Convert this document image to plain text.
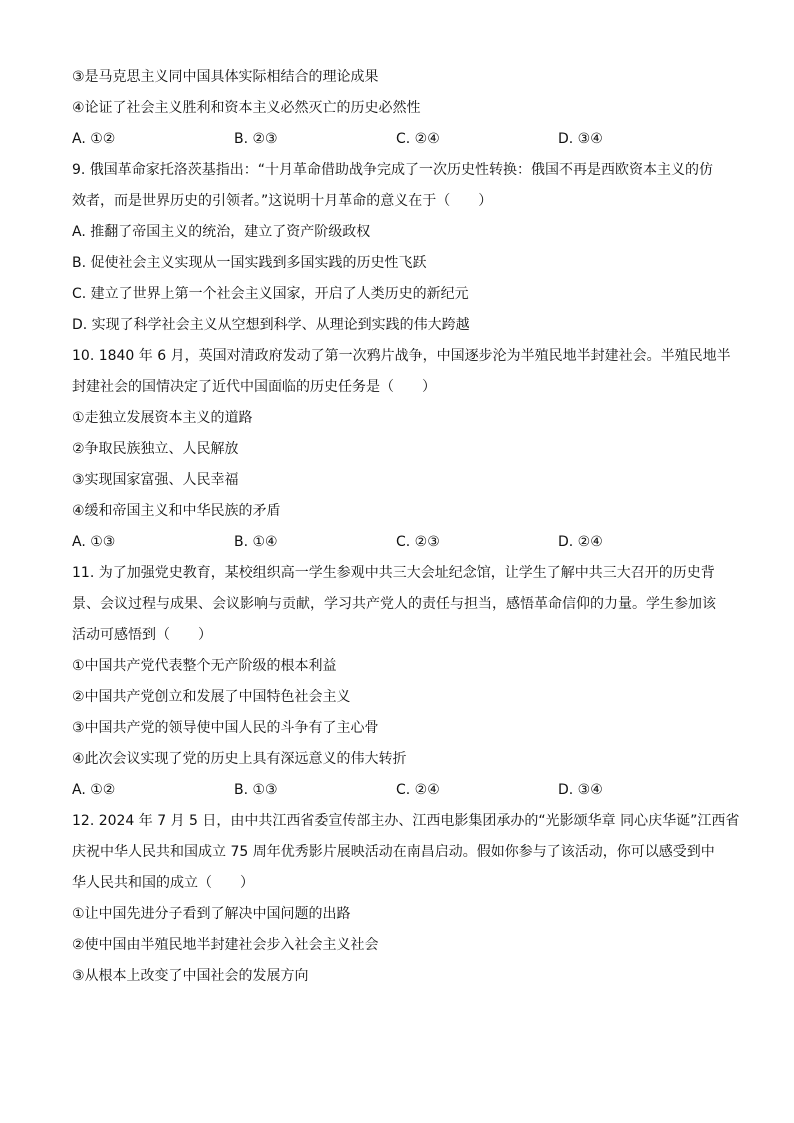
③是马克思主义同中国具体实际相结合的理论成果
④论证了社会主义胜利和资本主义必然灭亡的历史必然性
A. ①②	B. ②③	C. ②④	D. ③④
9. 俄国革命家托洛茨基指出：“十月革命借助战争完成了一次历史性转换：俄国不再是西欧资本主义的仿
效者，而是世界历史的引领者。”这说明十月革命的意义在于（　　）
A. 推翻了帝国主义的统治，建立了资产阶级政权
B. 促使社会主义实现从一国实践到多国实践的历史性飞跃
C. 建立了世界上第一个社会主义国家，开启了人类历史的新纪元
D. 实现了科学社会主义从空想到科学、从理论到实践的伟大跨越
10. 1840 年 6 月，英国对清政府发动了第一次鸦片战争，中国逐步沦为半殖民地半封建社会。半殖民地半
封建社会的国情决定了近代中国面临的历史任务是（　　）
①走独立发展资本主义的道路
②争取民族独立、人民解放
③实现国家富强、人民幸福
④缓和帝国主义和中华民族的矛盾
A. ①③	B. ①④	C. ②③	D. ②④
11. 为了加强党史教育，某校组织高一学生参观中共三大会址纪念馆，让学生了解中共三大召开的历史背
景、会议过程与成果、会议影响与贡献，学习共产党人的责任与担当，感悟革命信仰的力量。学生参加该
活动可感悟到（　　）
①中国共产党代表整个无产阶级的根本利益
②中国共产党创立和发展了中国特色社会主义
③中国共产党的领导使中国人民的斗争有了主心骨
④此次会议实现了党的历史上具有深远意义的伟大转折
A. ①②	B. ①③	C. ②④	D. ③④
12. 2024 年 7 月 5 日，由中共江西省委宣传部主办、江西电影集团承办的“光影颂华章 同心庆华诞”江西省
庆祝中华人民共和国成立 75 周年优秀影片展映活动在南昌启动。假如你参与了该活动，你可以感受到中
华人民共和国的成立（　　）
①让中国先进分子看到了解决中国问题的出路
②使中国由半殖民地半封建社会步入社会主义社会
③从根本上改变了中国社会的发展方向
